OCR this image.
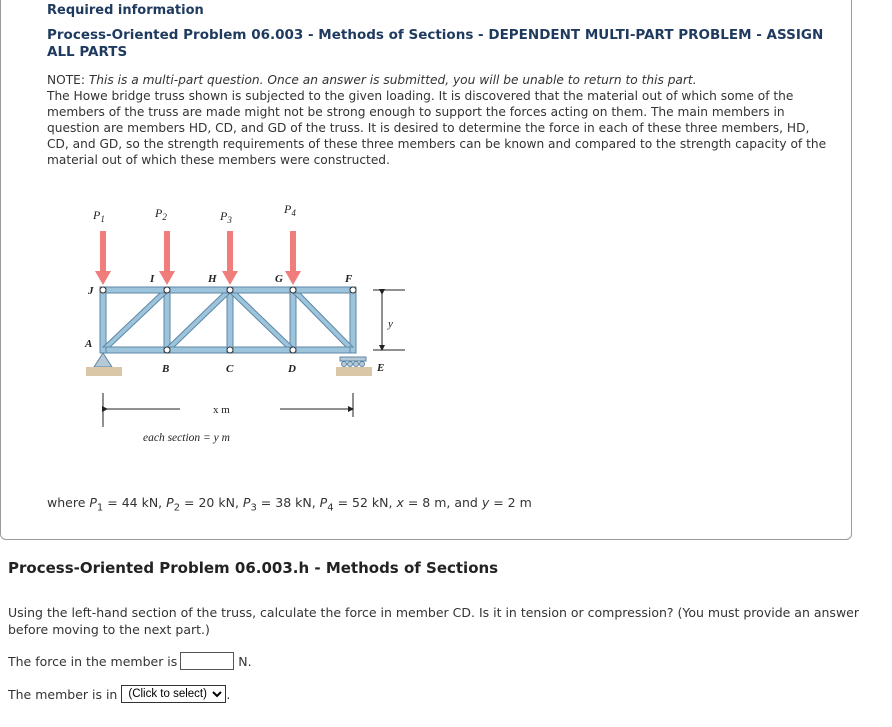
Required information
Process-Oriented Problem 06.003 - Methods of Sections - DEPENDENT MULTI-PART PROBLEM - ASSIGN ALL PARTS
NOTE: This is a multi-part question. Once an answer is submitted, you will be unable to return to this part.
The Howe bridge truss shown is subjected to the given loading. It is discovered that the material out of which some of the members of the truss are made might not be strong enough to support the forces acting on them. The main members in question are members HD, CD, and GD of the truss. It is desired to determine the force in each of these three members, HD, CD, and GD, so the strength requirements of these three members can be known and compared to the strength capacity of the material out of which these members were constructed.
$P_1$	$P_2$	$P_3$
$P_4$
J
I	H	G	F
A
B	C	D	E
y
x m
each section = y m
where $P_1 = 44$ kN, $P_2 = 20$ kN, $P_3 = 38$ kN, $P_4 = 52$ kN, x = 8 m, and y = 2 m
Process-Oriented Problem 06.003.h - Methods of Sections
Using the left-hand section of the truss, calculate the force in member CD. Is it in tension or compression? (You must provide an answer before moving to the next part.)
The force in the member is	N.
The member is in
(Click to select)	.
